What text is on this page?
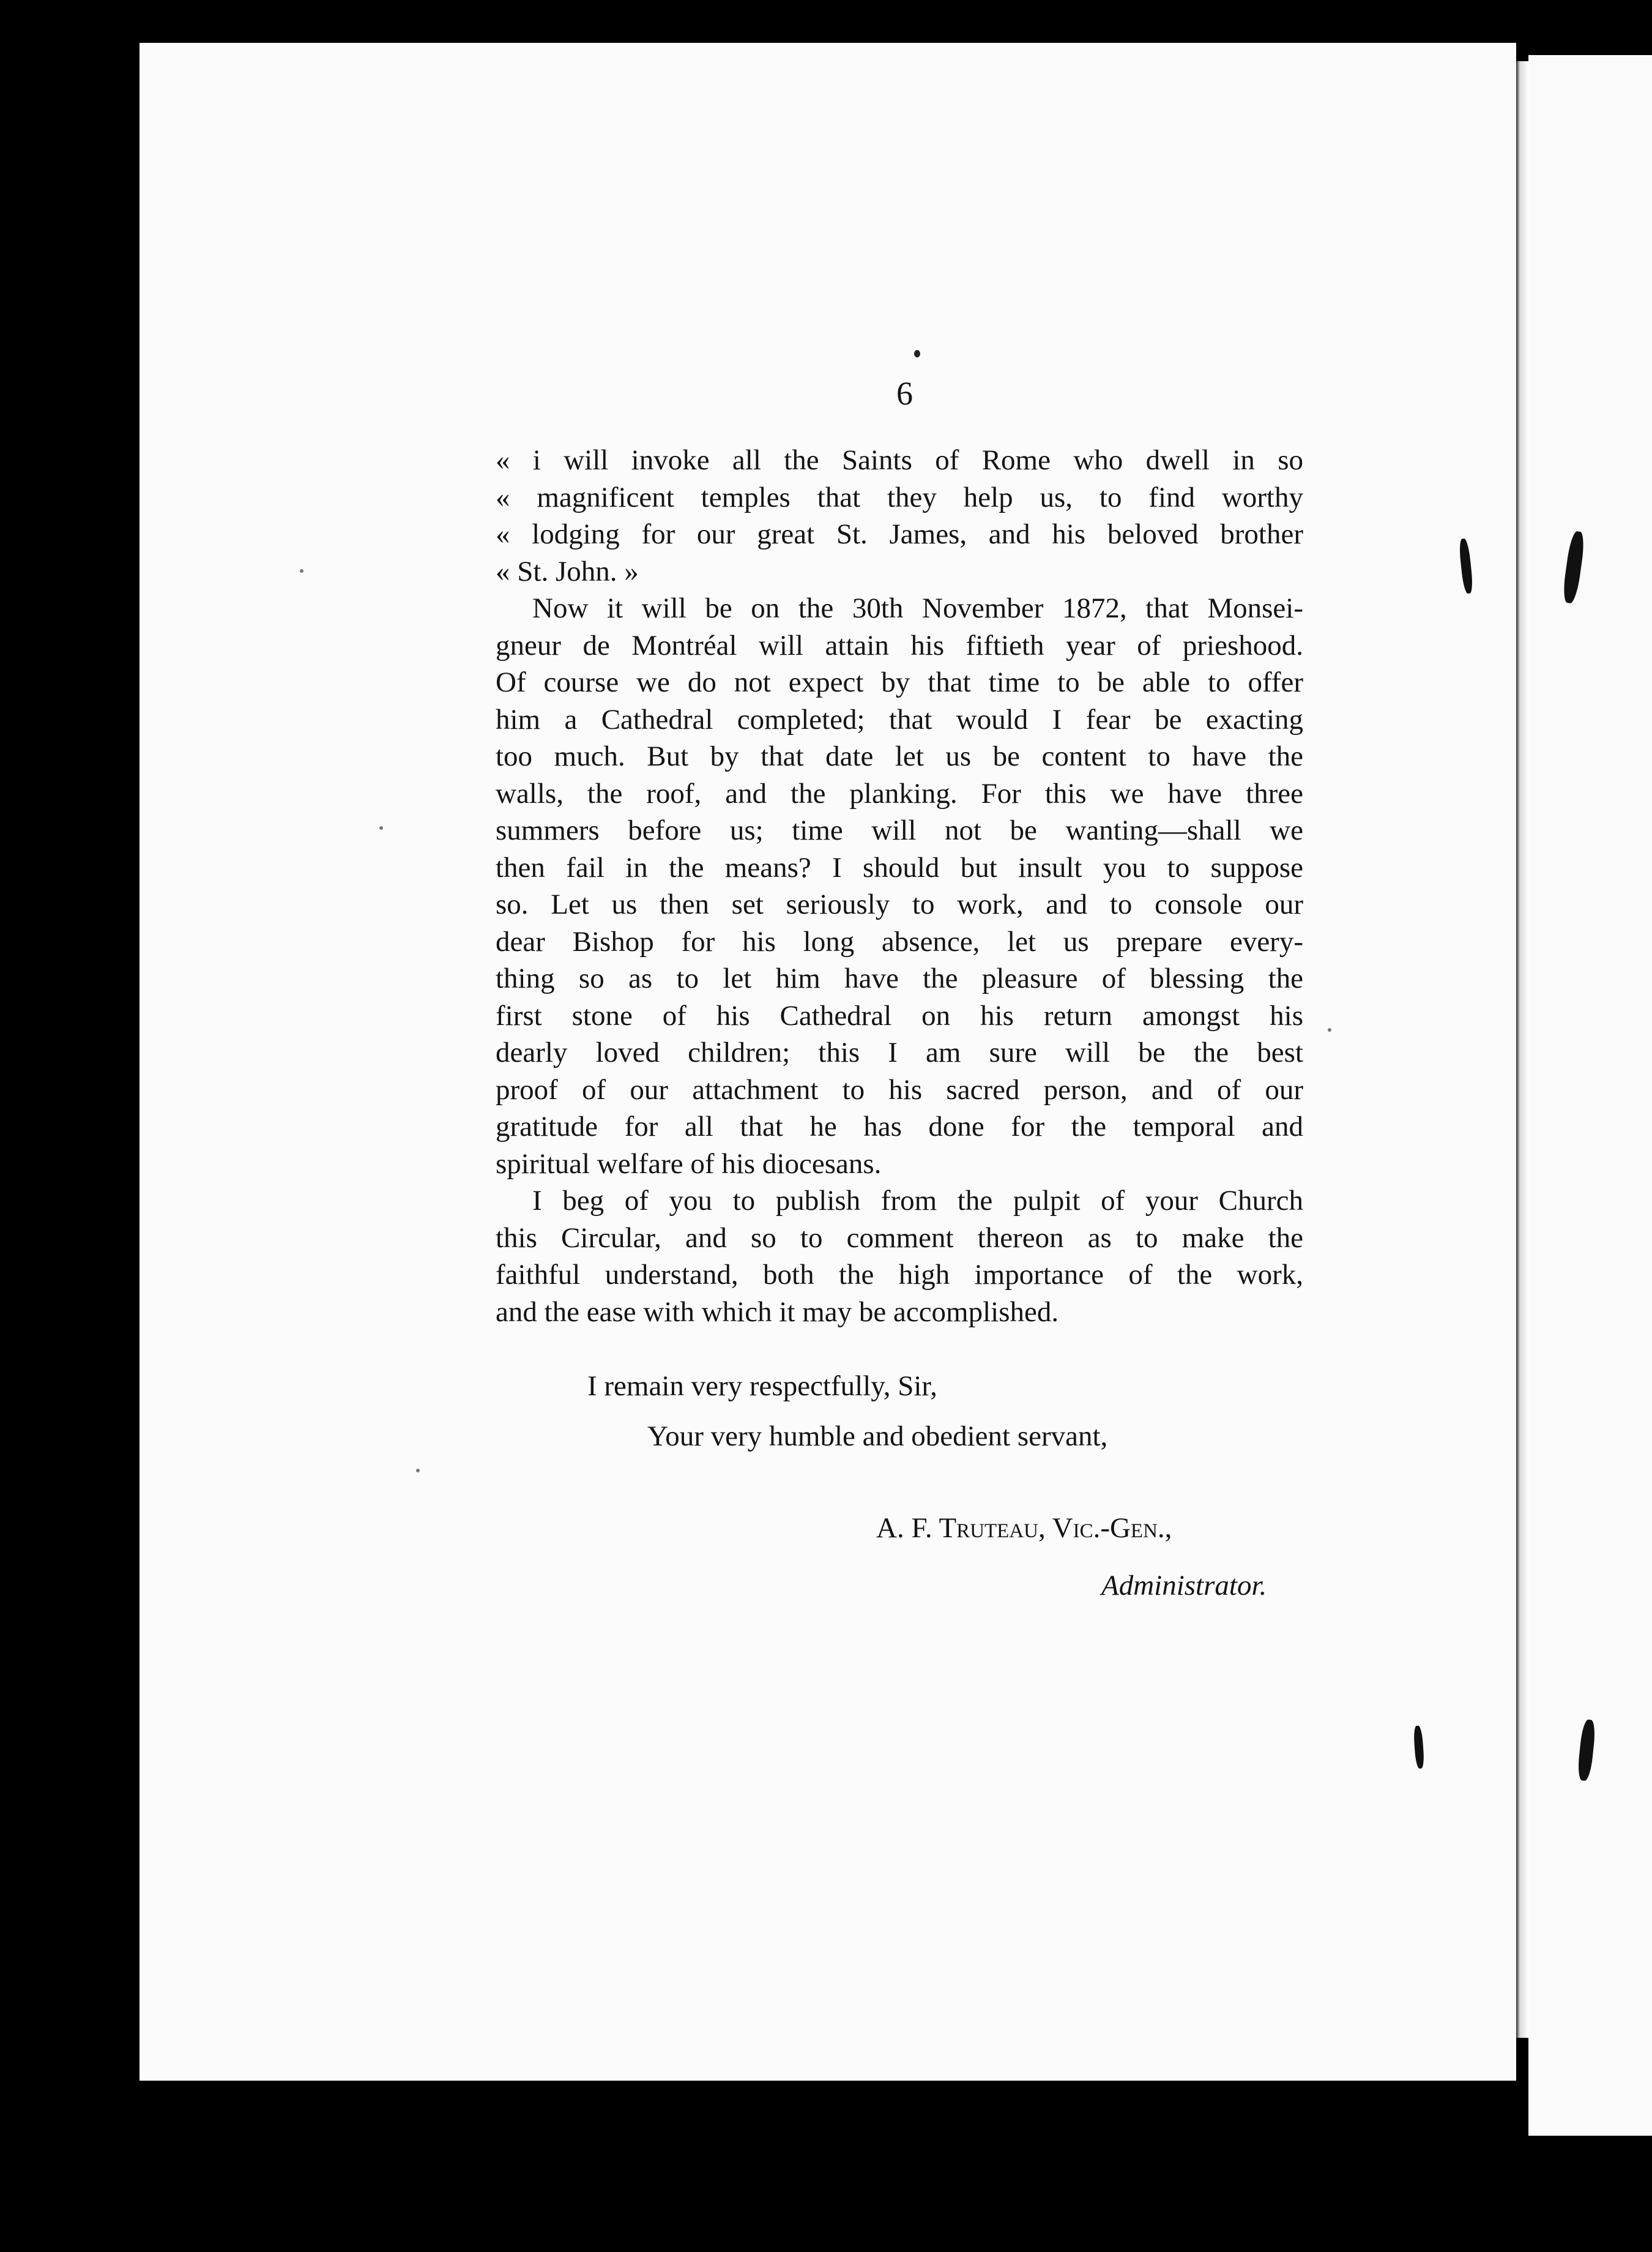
6

« i will invoke all the Saints of Rome who dwell in so
« magnificent temples that they help us, to find worthy
« lodging for our great St. James, and his beloved brother
« St. John. »

Now it will be on the 30th November 1872, that Monsei-
gneur de Montréal will attain his fiftieth year of prieshood.
Of course we do not expect by that time to be able to offer
him a Cathedral completed; that would I fear be exacting
too much. But by that date let us be content to have the
walls, the roof, and the planking. For this we have three
summers before us; time will not be wanting—shall we
then fail in the means? I should but insult you to suppose
so. Let us then set seriously to work, and to console our
dear Bishop for his long absence, let us prepare every-
thing so as to let him have the pleasure of blessing the
first stone of his Cathedral on his return amongst his
dearly loved children; this I am sure will be the best
proof of our attachment to his sacred person, and of our
gratitude for all that he has done for the temporal and
spiritual welfare of his diocesans.

I beg of you to publish from the pulpit of your Church
this Circular, and so to comment thereon as to make the
faithful understand, both the high importance of the work,
and the ease with which it may be accomplished.

I remain very respectfully, Sir,
Your very humble and obedient servant,
A. F. Truteau, Vic.-Gen.,
Administrator.
